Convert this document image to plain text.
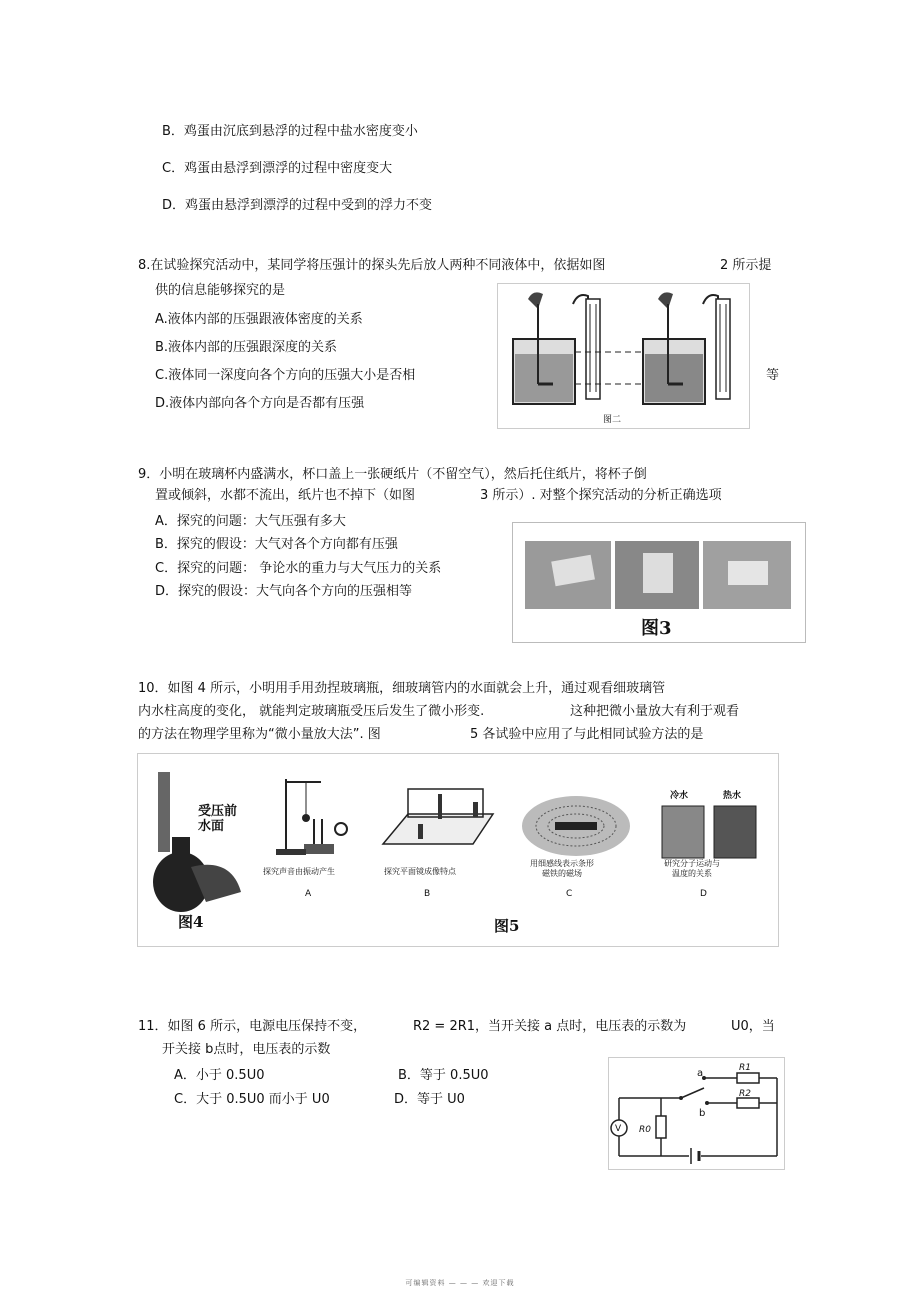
B．鸡蛋由沉底到悬浮的过程中盐水密度变小
C．鸡蛋由悬浮到漂浮的过程中密度变大
D．鸡蛋由悬浮到漂浮的过程中受到的浮力不变
8.在试验探究活动中，某同学将压强计的探头先后放人两种不同液体中，依据如图	2 所示提
供的信息能够探究的是
A.液体内部的压强跟液体密度的关系
B.液体内部的压强跟深度的关系
C.液体同一深度向各个方向的压强大小是否相	等
D.液体内部向各个方向是否都有压强
图二
9．小明在玻璃杯内盛满水，杯口盖上一张硬纸片（不留空气），然后托住纸片，将杯子倒
置或倾斜，水都不流出，纸片也不掉下（如图	3 所示）. 对整个探究活动的分析正确选项
A．探究的问题：大气压强有多大
B．探究的假设：大气对各个方向都有压强
C．探究的问题： 争论水的重力与大气压力的关系
D．探究的假设：大气向各个方向的压强相等
图3
10．如图 4 所示，小明用手用劲捏玻璃瓶，细玻璃管内的水面就会上升，通过观看细玻璃管
内水柱高度的变化， 就能判定玻璃瓶受压后发生了微小形变.	这种把微小量放大有利于观看
的方法在物理学里称为“微小量放大法”. 图	5 各试验中应用了与此相同试验方法的是
受压前
水面
图4
冷水	热水
探究声音由振动产生
A
探究平面镜成像特点
B
用细感线表示条形
磁铁的磁场
C
研究分子运动与
温度的关系
D
图5
11．如图 6 所示，电源电压保持不变，	R2 = 2R1，当开关接 a 点时，电压表的示数为	U0，当
开关接 b点时，电压表的示数
A．小于 0.5U0	B．等于 0.5U0
C．大于 0.5U0 而小于 U0	D．等于 U0
a
b
R1
R2
R0
V
可编辑资料 — — — 欢迎下载
